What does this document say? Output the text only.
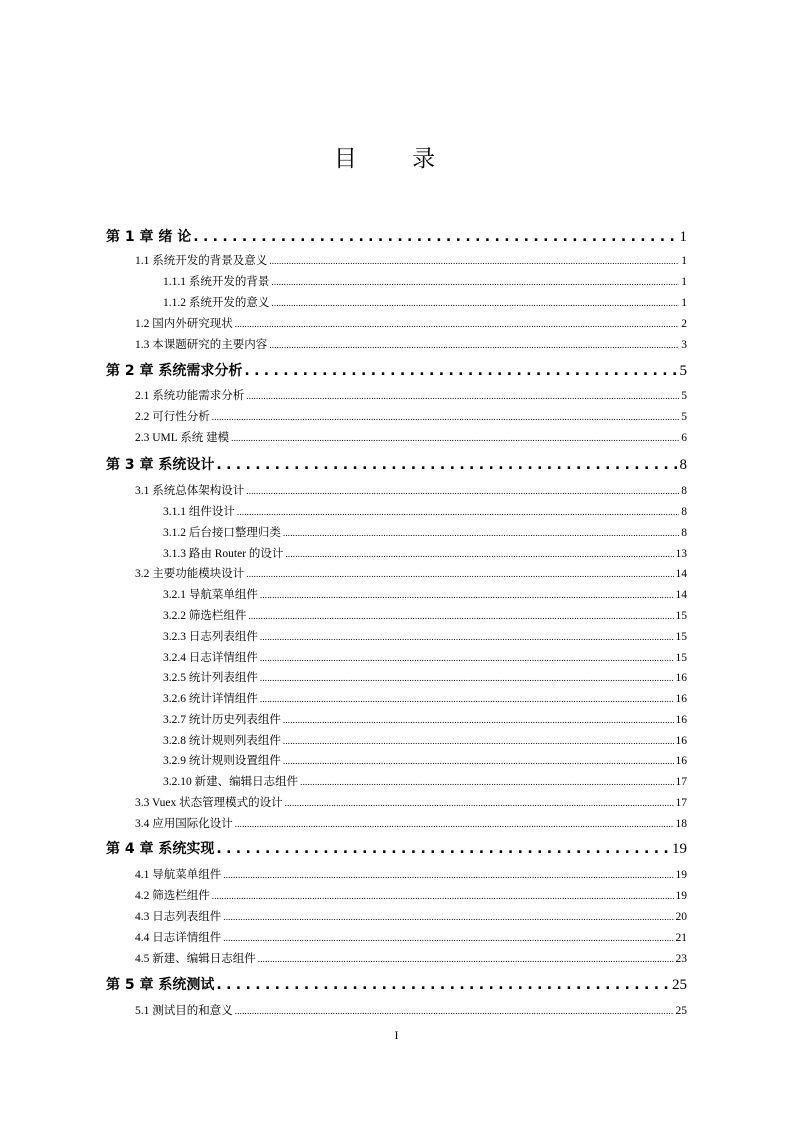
目 录
第 1 章 绪 论 .....	1
1.1 系统开发的背景及意义 .....	1
1.1.1 系统开发的背景 .....	1
1.1.2 系统开发的意义 .....	1
1.2 国内外研究现状 .....	2
1.3 本课题研究的主要内容 .....	3
第 2 章 系统需求分析 .....	5
2.1 系统功能需求分析 .....	5
2.2 可行性分析 .....	5
2.3 UML 系统 建模 .....	6
第 3 章 系统设计 .....	8
3.1 系统总体架构设计 .....	8
3.1.1 组件设计 .....	8
3.1.2 后台接口整理归类 .....	8
3.1.3 路由 Router 的设计 .....	13
3.2 主要功能模块设计 .....	14
3.2.1 导航菜单组件 .....	14
3.2.2 筛选栏组件 .....	15
3.2.3 日志列表组件 .....	15
3.2.4 日志详情组件 .....	15
3.2.5 统计列表组件 .....	16
3.2.6 统计详情组件 .....	16
3.2.7 统计历史列表组件 .....	16
3.2.8 统计规则列表组件 .....	16
3.2.9 统计规则设置组件 .....	16
3.2.10 新建、编辑日志组件 .....	17
3.3 Vuex 状态管理模式的设计 .....	17
3.4 应用国际化设计 .....	18
第 4 章 系统实现 .....	19
4.1 导航菜单组件 .....	19
4.2 筛选栏组件 .....	19
4.3 日志列表组件 .....	20
4.4 日志详情组件 .....	21
4.5 新建、编辑日志组件 .....	23
第 5 章 系统测试 .....	25
5.1 测试目的和意义 .....	25
I
